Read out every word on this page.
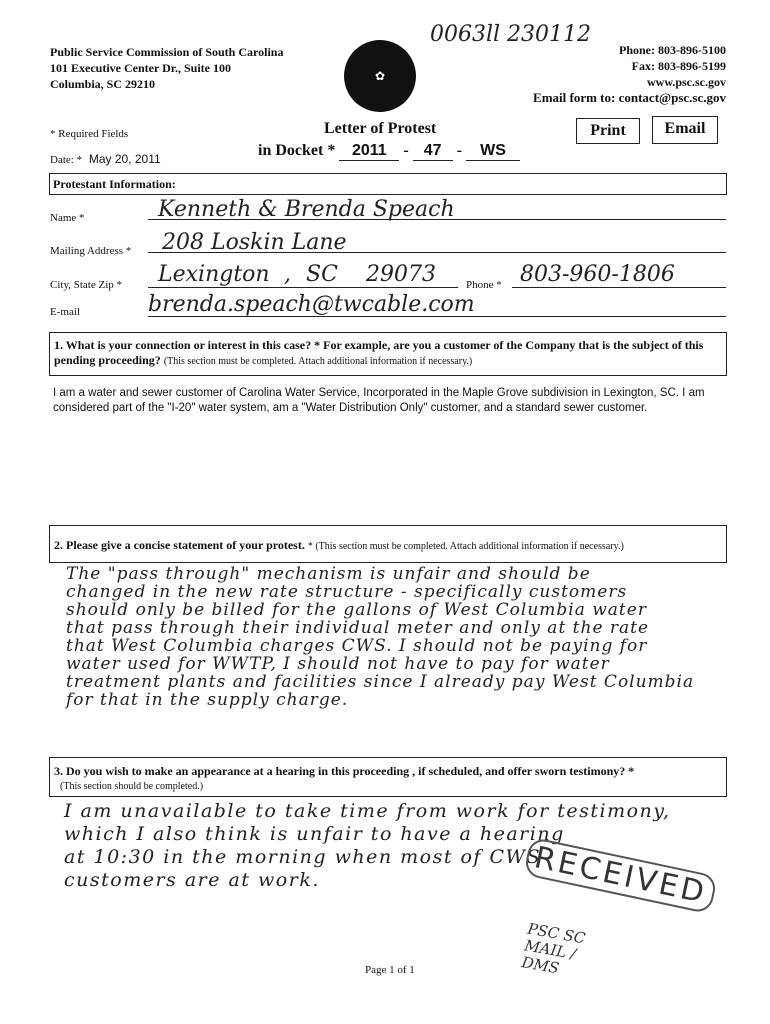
Public Service Commission of South Carolina
101 Executive Center Dr., Suite 100
Columbia, SC 29210
✿
0063ll 230112
Phone: 803-896-5100
Fax: 803-896-5199
www.psc.sc.gov
Email form to: contact@psc.sc.gov
* Required Fields
Date: * May 20, 2011
Letter of Protest
in Docket * 2011 - 47 - WS
Print	Email
Protestant Information:
Name *	Kenneth & Brenda Speach
Mailing Address * 208 Loskin Lane
City, State Zip * Lexington , SC 29073	Phone * 803-960-1806
E-mail	brenda.speach@twcable.com
1. What is your connection or interest in this case? * For example, are you a customer of the Company that is the subject of this pending proceeding? (This section must be completed. Attach additional information if necessary.)
I am a water and sewer customer of Carolina Water Service, Incorporated in the Maple Grove subdivision in Lexington, SC. I am considered part of the "I-20" water system, am a "Water Distribution Only" customer, and a standard sewer customer.
2. Please give a concise statement of your protest. * (This section must be completed. Attach additional information if necessary.)
The "pass through" mechanism is unfair and should be
changed in the new rate structure - specifically customers
should only be billed for the gallons of West Columbia water
that pass through their individual meter and only at the rate
that West Columbia charges CWS. I should not be paying for
water used for WWTP, I should not have to pay for water
treatment plants and facilities since I already pay West Columbia
for that in the supply charge.
3. Do you wish to make an appearance at a hearing in this proceeding , if scheduled, and offer sworn testimony? *
(This section should be completed.)
I am unavailable to take time from work for testimony,
which I also think is unfair to have a hearing
at 10:30 in the morning when most of CWS
customers are at work.	RECEIVED
PSC SC MAIL / DMS
Page 1 of 1
